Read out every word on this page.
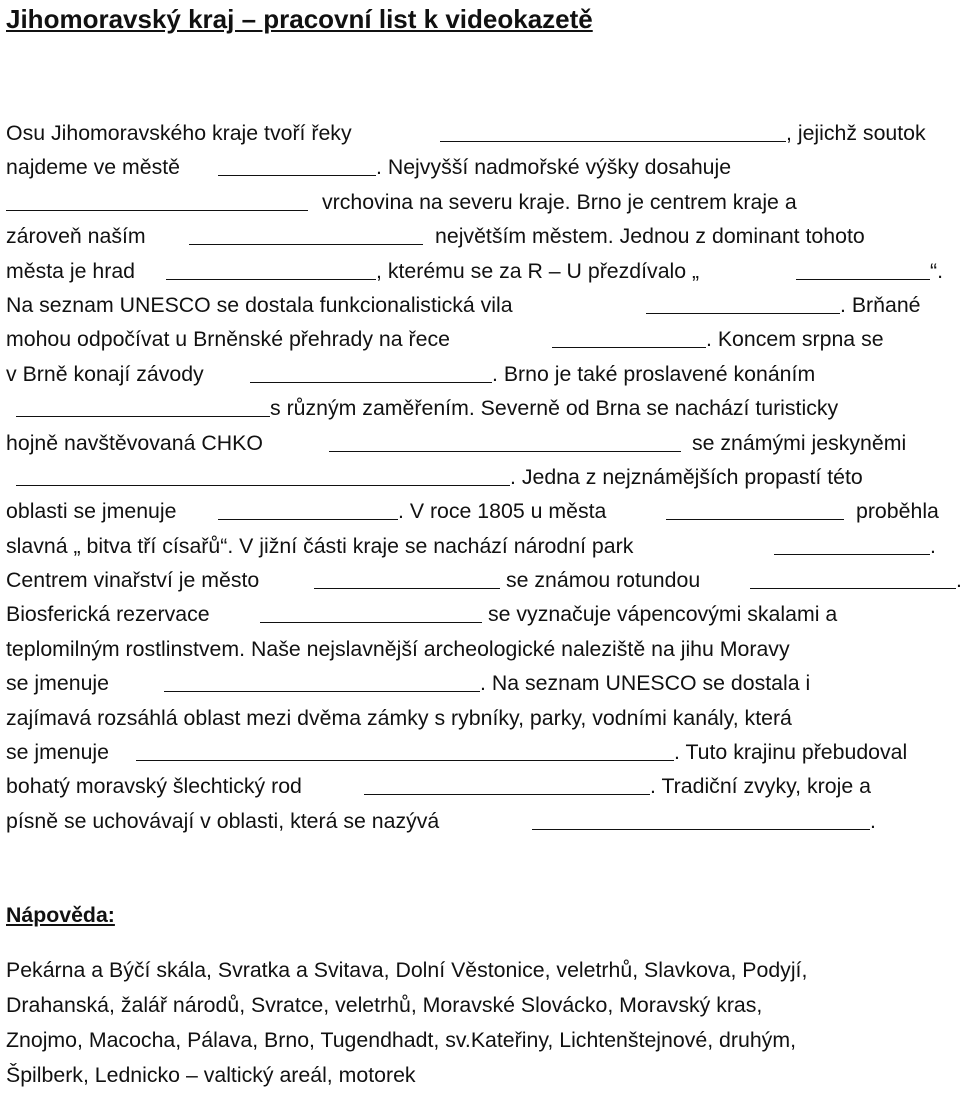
Jihomoravský kraj – pracovní list k videokazetě
Osu Jihomoravského kraje tvoří řeky	, jejichž soutok
najdeme ve městě	. Nejvyšší nadmořské výšky dosahuje
vrchovina na severu kraje. Brno je centrem kraje a
zároveň naším	největším městem. Jednou z dominant tohoto
města je hrad	, kterému se za R – U přezdívalo „	“.
Na seznam UNESCO se dostala funkcionalistická vila	. Brňané
mohou odpočívat u Brněnské přehrady na řece	. Koncem srpna se
v Brně konají závody	. Brno je také proslavené konáním
s různým zaměřením. Severně od Brna se nachází turisticky
hojně navštěvovaná CHKO	se známými jeskyněmi
. Jedna z nejznámějších propastí této
oblasti se jmenuje	. V roce 1805 u města	proběhla
slavná „ bitva tří císařů“. V jižní části kraje se nachází národní park	.
Centrem vinařství je město	se známou rotundou	.
Biosferická rezervace	se vyznačuje vápencovými skalami a
teplomilným rostlinstvem. Naše nejslavnější archeologické naleziště na jihu Moravy
se jmenuje	. Na seznam UNESCO se dostala i
zajímavá rozsáhlá oblast mezi dvěma zámky s rybníky, parky, vodními kanály, která
se jmenuje	. Tuto krajinu přebudoval
bohatý moravský šlechtický rod	. Tradiční zvyky, kroje a
písně se uchovávají v oblasti, která se nazývá	.
Nápověda:
Pekárna a Býčí skála, Svratka a Svitava, Dolní Věstonice, veletrhů, Slavkova, Podyjí,
Drahanská, žalář národů, Svratce, veletrhů, Moravské Slovácko, Moravský kras,
Znojmo, Macocha, Pálava, Brno, Tugendhadt, sv.Kateřiny, Lichtenštejnové, druhým,
Špilberk, Lednicko – valtický areál, motorek
